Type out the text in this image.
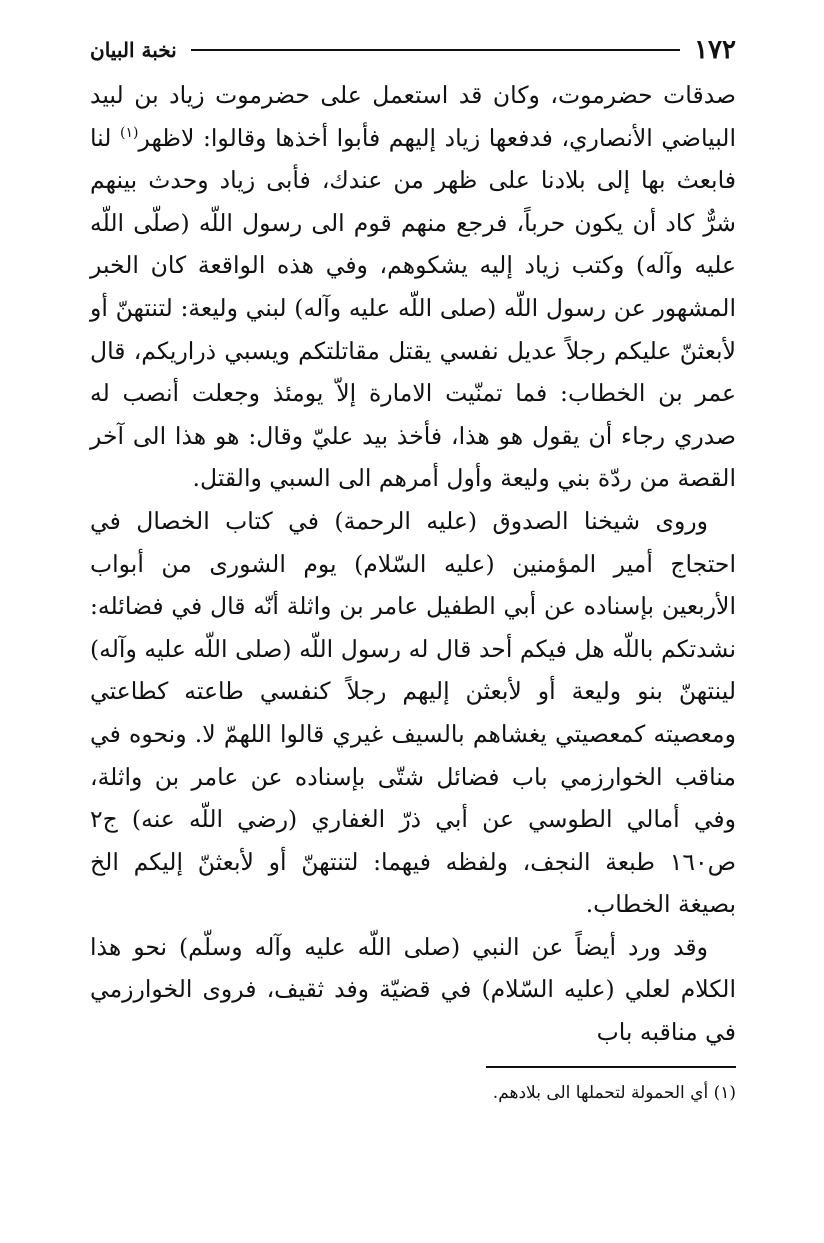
١٧٢
نخبة البيان

صدقات حضرموت، وكان قد استعمل على حضرموت زياد بن لبيد البياضي الأنصاري، فدفعها زياد إليهم فأبوا أخذها وقالوا: لاظهر$^{(١)}$ لنا فابعث بها إلى بلادنا على ظهر من عندك، فأبى زياد وحدث بينهم شرٌّ كاد أن يكون حرباً، فرجع منهم قوم الى رسول اللّه (صلّى اللّه عليه وآله) وكتب زياد إليه يشكوهم، وفي هذه الواقعة كان الخبر المشهور عن رسول اللّه (صلى اللّه عليه وآله) لبني وليعة: لتنتهنّ أو لأبعثنّ عليكم رجلاً عديل نفسي يقتل مقاتلتكم ويسبي ذراريكم، قال عمر بن الخطاب: فما تمنّيت الامارة إلاّ يومئذ وجعلت أنصب له صدري رجاء أن يقول هو هذا، فأخذ بيد عليّ وقال: هو هذا الى آخر القصة من ردّة بني وليعة وأول أمرهم الى السبي والقتل.

وروى شيخنا الصدوق (عليه الرحمة) في كتاب الخصال في احتجاج أمير المؤمنين (عليه السّلام) يوم الشورى من أبواب الأربعين بإسناده عن أبي الطفيل عامر بن واثلة أنّه قال في فضائله: نشدتكم باللّه هل فيكم أحد قال له رسول اللّه (صلى اللّه عليه وآله) لينتهنّ بنو وليعة أو لأبعثن إليهم رجلاً كنفسي طاعته كطاعتي ومعصيته كمعصيتي يغشاهم بالسيف غيري قالوا اللهمّ لا. ونحوه في مناقب الخوارزمي باب فضائل شتّى بإسناده عن عامر بن واثلة، وفي أمالي الطوسي عن أبي ذرّ الغفاري (رضي اللّه عنه) ج٢ ص١٦٠ طبعة النجف، ولفظه فيهما: لتنتهنّ أو لأبعثنّ إليكم الخ بصيغة الخطاب.

وقد ورد أيضاً عن النبي (صلى اللّه عليه وآله وسلّم) نحو هذا الكلام لعلي (عليه السّلام) في قضيّة وفد ثقيف، فروى الخوارزمي في مناقبه باب

(١) أي الحمولة لتحملها الى بلادهم.
